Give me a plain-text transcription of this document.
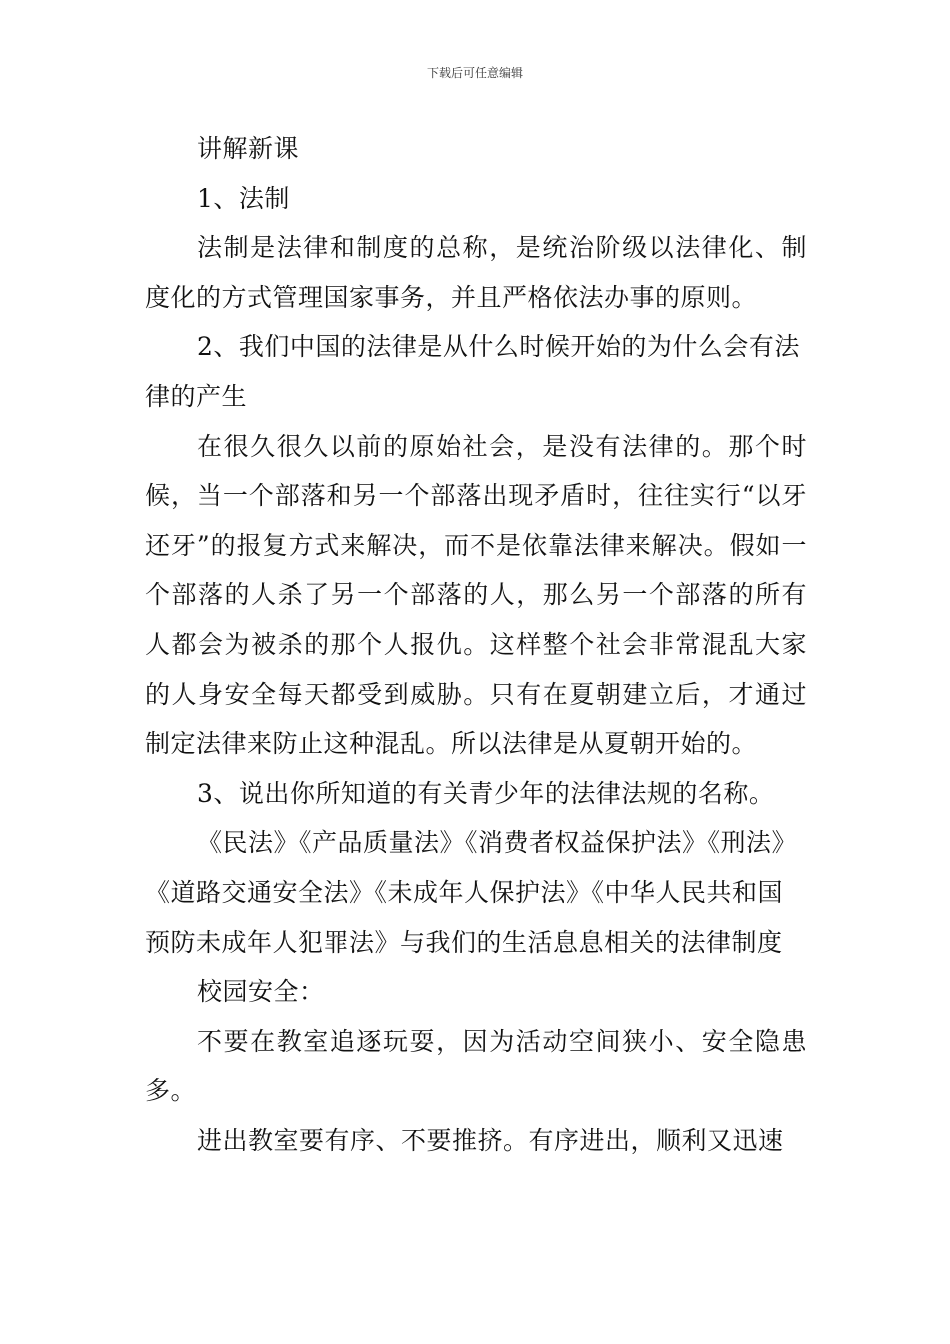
下载后可任意编辑

讲解新课

1、法制

法制是法律和制度的总称，是统治阶级以法律化、制度化的方式管理国家事务，并且严格依法办事的原则。

2、我们中国的法律是从什么时候开始的为什么会有法律的产生

在很久很久以前的原始社会，是没有法律的。那个时候，当一个部落和另一个部落出现矛盾时，往往实行“以牙还牙”的报复方式来解决，而不是依靠法律来解决。假如一个部落的人杀了另一个部落的人，那么另一个部落的所有人都会为被杀的那个人报仇。这样整个社会非常混乱大家的人身安全每天都受到威胁。只有在夏朝建立后，才通过制定法律来防止这种混乱。所以法律是从夏朝开始的。

3、说出你所知道的有关青少年的法律法规的名称。

《民法》《产品质量法》《消费者权益保护法》《刑法》《道路交通安全法》《未成年人保护法》《中华人民共和国预防未成年人犯罪法》与我们的生活息息相关的法律制度

校园安全：

不要在教室追逐玩耍，因为活动空间狭小、安全隐患多。

进出教室要有序、不要推挤。有序进出，顺利又迅速
